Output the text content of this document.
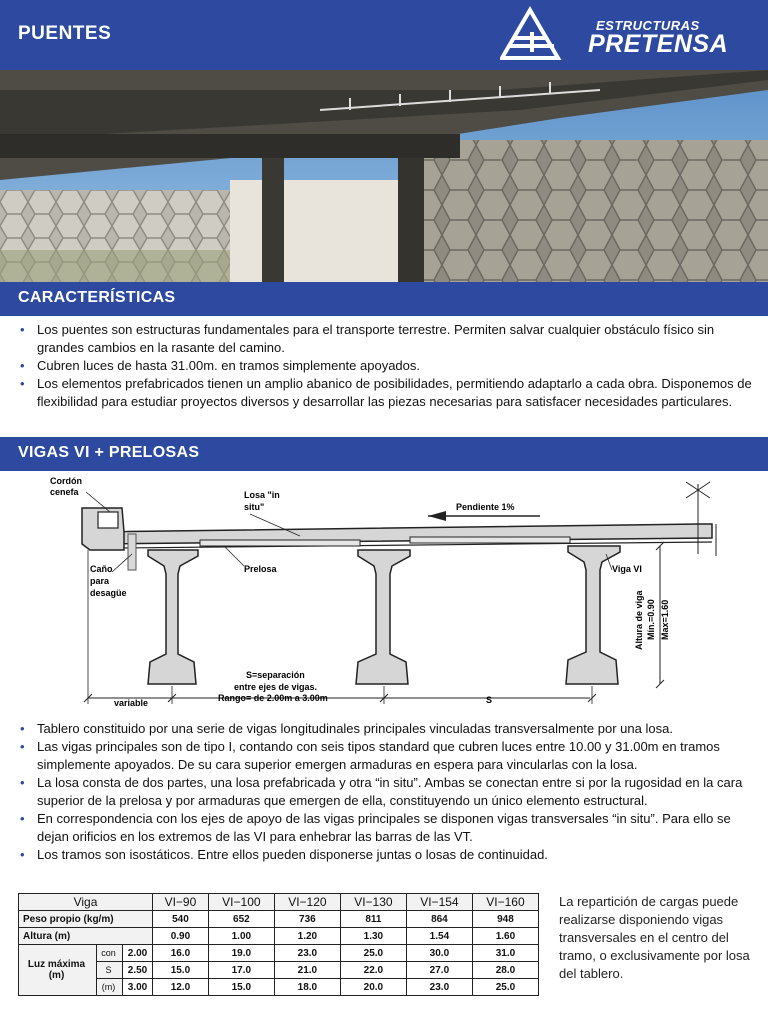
PUENTES	ESTRUCTURAS
PRETENSA
CARACTERÍSTICAS
• Los puentes son estructuras fundamentales para el transporte terrestre. Permiten salvar cualquier obstáculo físico sin grandes cambios en la rasante del camino.
• Cubren luces de hasta 31.00m. en tramos simplemente apoyados.
• Los elementos prefabricados tienen un amplio abanico de posibilidades, permitiendo adaptarlo a cada obra. Disponemos de flexibilidad para estudiar proyectos diversos y desarrollar las piezas necesarias para satisfacer necesidades particulares.
VIGAS VI + PRELOSAS
Cordón
cenefa	Losa "in
situ"	Pendiente 1%
Caño
para
desagüe
Prelosa	Viga VI
Altura de viga Mín.=0.90 Max=1.60
S=separación
entre ejes de vigas.
Rango= de 2.00m a 3.00m
variable	S
• Tablero constituido por una serie de vigas longitudinales principales vinculadas transversalmente por una losa.
• Las vigas principales son de tipo I, contando con seis tipos standard que cubren luces entre 10.00 y 31.00m en tramos simplemente apoyados. De su cara superior emergen armaduras en espera para vincularlas con la losa.
• La losa consta de dos partes, una losa prefabricada y otra “in situ”. Ambas se conectan entre si por la rugosidad en la cara superior de la prelosa y por armaduras que emergen de ella, constituyendo un único elemento estructural.
• En correspondencia con los ejes de apoyo de las vigas principales se disponen vigas transversales “in situ”. Para ello se dejan orificios en los extremos de las VI para enhebrar las barras de las VT.
• Los tramos son isostáticos. Entre ellos pueden disponerse juntas o losas de continuidad.
Viga			VI−90	VI−100	VI−120	VI−130	VI−154	VI−160
Peso propio (kg/m)			540	652	736	811	864	948
Altura (m)			0.90	1.00	1.20	1.30	1.54	1.60
Luz máxima
(m)	con	2.00	16.0	19.0	23.0	25.0	30.0	31.0
	S	2.50	15.0	17.0	21.0	22.0	27.0	28.0
	(m)	3.00	12.0	15.0	18.0	20.0	23.0	25.0
La repartición de cargas puede realizarse disponiendo vigas transversales en el centro del tramo, o exclusivamente por losa del tablero.
